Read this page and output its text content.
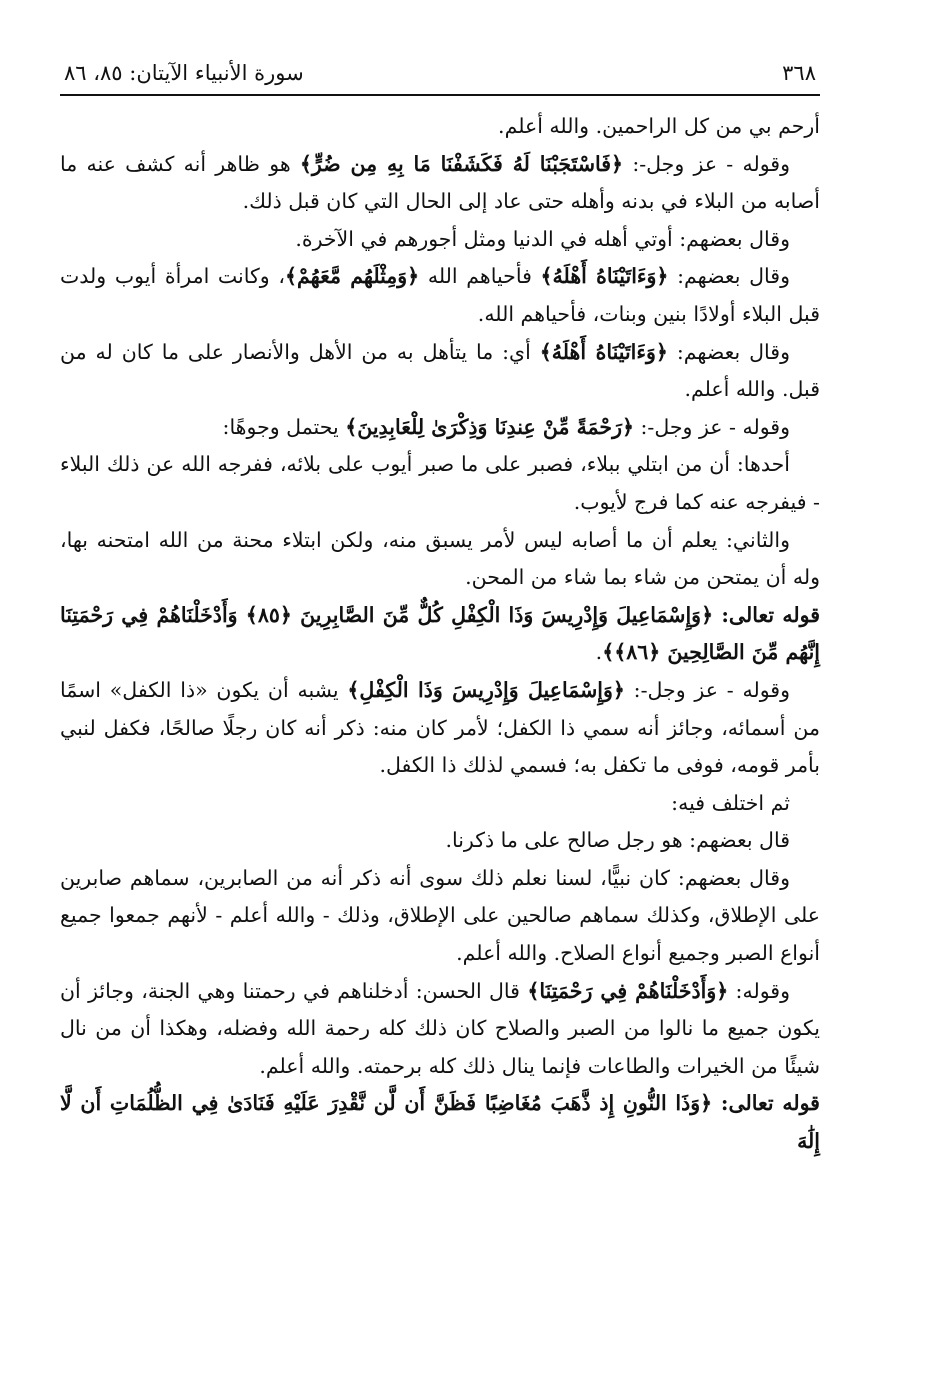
٣٦٨
سورة الأنبياء الآيتان: ٨٥، ٨٦

أرحم بي من كل الراحمين. والله أعلم.

وقوله - عز وجل-: ﴿فَاسْتَجَبْنَا لَهُ فَكَشَفْنَا مَا بِهِ مِن ضُرٍّ﴾ هو ظاهر أنه كشف عنه ما أصابه من البلاء في بدنه وأهله حتى عاد إلى الحال التي كان قبل ذلك.

وقال بعضهم: أوتي أهله في الدنيا ومثل أجورهم في الآخرة.

وقال بعضهم: ﴿وَءَاتَيْنَاهُ أَهْلَهُ﴾ فأحياهم الله ﴿وَمِثْلَهُم مَّعَهُمْ﴾، وكانت امرأة أيوب ولدت قبل البلاء أولادًا بنين وبنات، فأحياهم الله.

وقال بعضهم: ﴿وَءَاتَيْنَاهُ أَهْلَهُ﴾ أي: ما يتأهل به من الأهل والأنصار على ما كان له من قبل. والله أعلم.

وقوله - عز وجل-: ﴿رَحْمَةً مِّنْ عِندِنَا وَذِكْرَىٰ لِلْعَابِدِينَ﴾ يحتمل وجوهًا:

أحدها: أن من ابتلي ببلاء، فصبر على ما صبر أيوب على بلائه، ففرجه الله عن ذلك البلاء - فيفرجه عنه كما فرج لأيوب.

والثاني: يعلم أن ما أصابه ليس لأمر يسبق منه، ولكن ابتلاء محنة من الله امتحنه بها، وله أن يمتحن من شاء بما شاء من المحن.

قوله تعالى: ﴿وَإِسْمَاعِيلَ وَإِدْرِيسَ وَذَا الْكِفْلِ كُلٌّ مِّنَ الصَّابِرِينَ ﴿٨٥﴾ وَأَدْخَلْنَاهُمْ فِي رَحْمَتِنَا إِنَّهُم مِّنَ الصَّالِحِينَ ﴿٨٦﴾﴾.

وقوله - عز وجل-: ﴿وَإِسْمَاعِيلَ وَإِدْرِيسَ وَذَا الْكِفْلِ﴾ يشبه أن يكون «ذا الكفل» اسمًا من أسمائه، وجائز أنه سمي ذا الكفل؛ لأمر كان منه: ذكر أنه كان رجلًا صالحًا، فكفل لنبي بأمر قومه، فوفى ما تكفل به؛ فسمي لذلك ذا الكفل.

ثم اختلف فيه:

قال بعضهم: هو رجل صالح على ما ذكرنا.

وقال بعضهم: كان نبيًّا، لسنا نعلم ذلك سوى أنه ذكر أنه من الصابرين، سماهم صابرين على الإطلاق، وكذلك سماهم صالحين على الإطلاق، وذلك - والله أعلم - لأنهم جمعوا جميع أنواع الصبر وجميع أنواع الصلاح. والله أعلم.

وقوله: ﴿وَأَدْخَلْنَاهُمْ فِي رَحْمَتِنَا﴾ قال الحسن: أدخلناهم في رحمتنا وهي الجنة، وجائز أن يكون جميع ما نالوا من الصبر والصلاح كان ذلك كله رحمة الله وفضله، وهكذا أن من نال شيئًا من الخيرات والطاعات فإنما ينال ذلك كله برحمته. والله أعلم.

قوله تعالى: ﴿وَذَا النُّونِ إِذ ذَّهَبَ مُغَاضِبًا فَظَنَّ أَن لَّن نَّقْدِرَ عَلَيْهِ فَنَادَىٰ فِي الظُّلُمَاتِ أَن لَّا إِلَٰهَ
